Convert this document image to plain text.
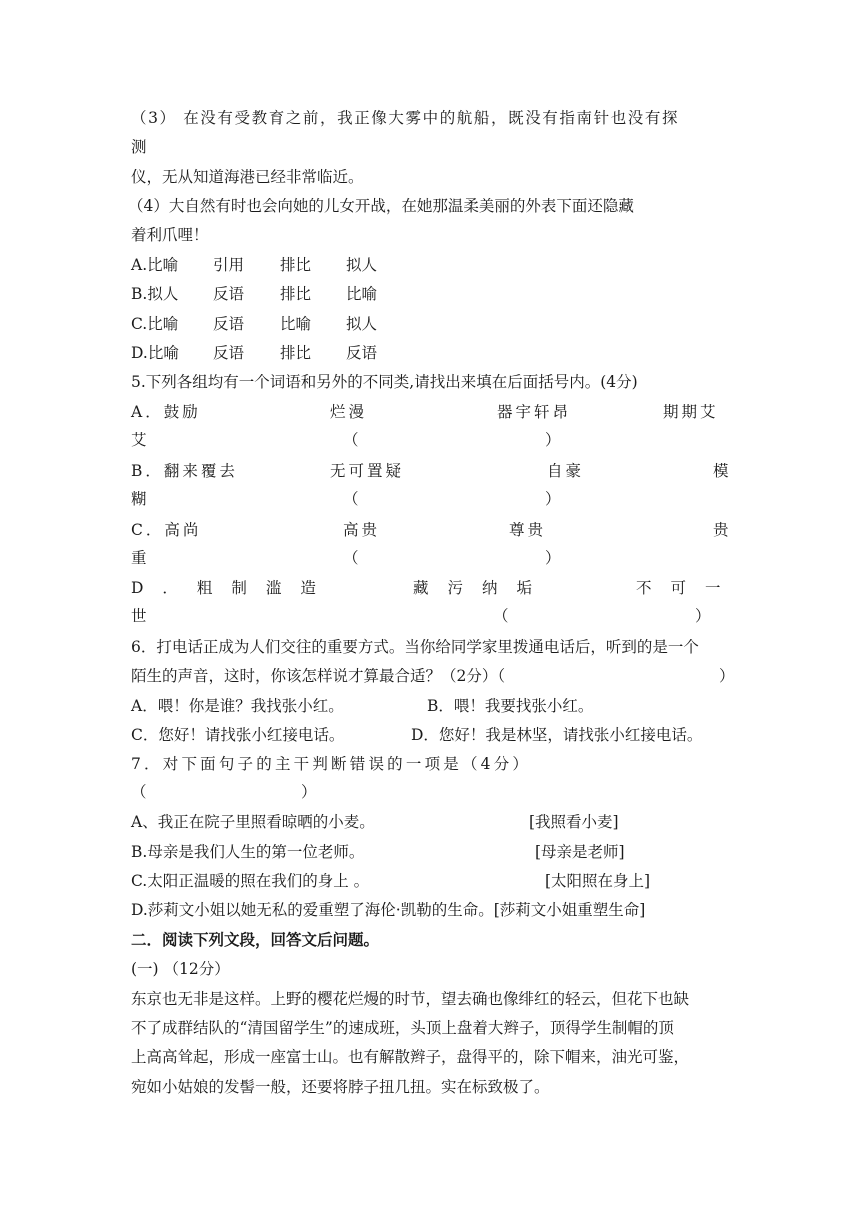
（3） 在没有受教育之前，我正像大雾中的航船，既没有指南针也没有探
测
仪，无从知道海港已经非常临近。
（4）大自然有时也会向她的儿女开战，在她那温柔美丽的外表下面还隐藏
着利爪哩！
A.比喻 引用 排比 拟人
B.拟人 反语 排比 比喻
C.比喻 反语 比喻 拟人
D.比喻 反语 排比 反语
5.下列各组均有一个词语和另外的不同类,请找出来填在后面括号内。(4分)
A．鼓励	烂漫	器宇轩昂	期期艾
艾	（	）
B．翻来覆去	无可置疑	自豪	模
糊	（	）
C．高尚	高贵	尊贵	贵
重	（	）
D．粗制滥造	藏污纳垢	不可一
世	（	）
6．打电话正成为人们交往的重要方式。当你给同学家里拨通电话后，听到的是一个
陌生的声音，这时，你该怎样说才算最合适？（2分）（	）
A．喂！你是谁？我找张小红。	B．喂！我要找张小红。
C．您好！请找张小红接电话。	D．您好！我是林坚，请找张小红接电话。
7．对下面句子的主干判断错误的一项是（4分）
（	）
A、我正在院子里照看晾晒的小麦。	[我照看小麦]
B.母亲是我们人生的第一位老师。	[母亲是老师]
C.太阳正温暖的照在我们的身上 。	[太阳照在身上]
D.莎莉文小姐以她无私的爱重塑了海伦·凯勒的生命。[莎莉文小姐重塑生命]
二．阅读下列文段，回答文后问题。
(一) （12分）
东京也无非是这样。上野的樱花烂熳的时节，望去确也像绯红的轻云，但花下也缺
不了成群结队的“清国留学生”的速成班，头顶上盘着大辫子，顶得学生制帽的顶
上高高耸起，形成一座富士山。也有解散辫子，盘得平的，除下帽来，油光可鉴，
宛如小姑娘的发髻一般，还要将脖子扭几扭。实在标致极了。
